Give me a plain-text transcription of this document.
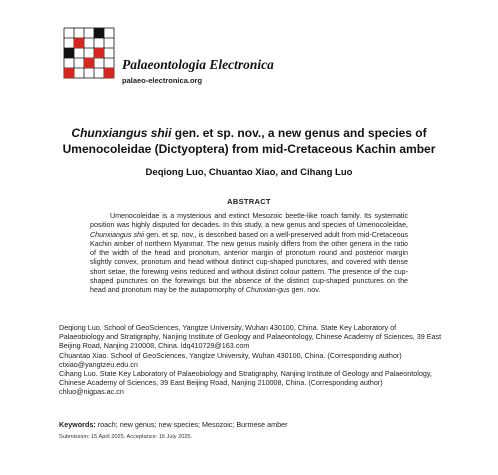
Palaeontologia Electronica
palaeo-electronica.org
Chunxiangus shii gen. et sp. nov., a new genus and species of
Umenocoleidae (Dictyoptera) from mid-Cretaceous Kachin amber
Deqiong Luo, Chuantao Xiao, and Cihang Luo
ABSTRACT

Umenocoleidae is a mysterious and extinct Mesozoic beetle-like roach family. Its systematic position was highly disputed for decades. In this study, a new genus and species of Umenocoleidae, Chunxiangus shii gen. et sp. nov., is described based on a well-preserved adult from mid-Cretaceous Kachin amber of northern Myanmar. The new genus mainly differs from the other genera in the ratio of the width of the head and pronotum, anterior margin of pronotum round and posterior margin slightly convex, pronotum and head without distinct cup-shaped punctures, and covered with dense short setae, the forewing veins reduced and without distinct colour pattern. The presence of the cup-shaped punctures on the forewings but the absence of the distinct cup-shaped punctures on the head and pronotum may be the autapomorphy of Chunxian-gus gen. nov.

Deqiong Luo. School of GeoSciences, Yangtze University, Wuhan 430100, China. State Key Laboratory of Palaeobiology and Stratigraphy, Nanjing Institute of Geology and Palaeontology, Chinese Academy of Sciences, 39 East Beijing Road, Nanjing 210008, China. ldq410729@163.com

Chuantao Xiao. School of GeoSciences, Yangtze University, Wuhan 430100, China. (Corresponding author) ctxiao@yangtzeu.edu.cn

Cihang Luo. State Key Laboratory of Palaeobiology and Stratigraphy, Nanjing Institute of Geology and Palaeontology, Chinese Academy of Sciences, 39 East Beijing Road, Nanjing 210008, China. (Corresponding author) chluo@nigpas.ac.cn

Keywords: roach; new genus; new species; Mesozoic; Burmese amber
Submission: 15 April 2025. Acceptance: 15 July 2025.
